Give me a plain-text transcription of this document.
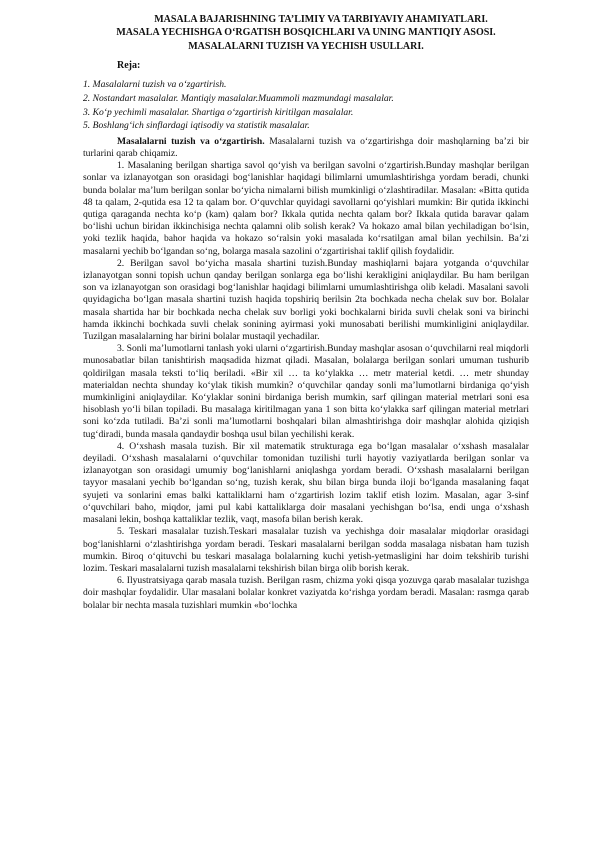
MASALA BAJARISHNING TA’LIMIY VA TARBIYAVIY AHAMIYATLARI.

MASALA YECHISHGA O‘RGATISH BOSQICHLARI VA UNING MANTIQIY ASOSI.

MASALALARNI TUZISH VA YECHISH USULLARI.

Reja:
1. Masalalarni tuzish va o‘zgartirish.
2. Nostandart masalalar. Mantiqiy masalalar.Muammoli mazmundagi masalalar.
3. Ko‘p yechimli masalalar. Shartiga o‘zgartirish kiritilgan masalalar.
5. Boshlang‘ich sinflardagi iqtisodiy va statistik masalalar.

Masalalarni tuzish va o‘zgartirish. Masalalarni tuzish va o‘zgartirishga doir mashqlarning ba’zi bir turlarini qarab chiqamiz.

1. Masalaning berilgan shartiga savol qo‘yish va berilgan savolni o‘zgartirish.Bunday mashqlar berilgan sonlar va izlanayotgan son orasidagi bog‘lanishlar haqidagi bilimlarni umumlashtirishga yordam beradi, chunki bunda bolalar ma’lum berilgan sonlar bo‘yicha nimalarni bilish mumkinligi o‘zlashtiradilar. Masalan: «Bitta qutida 48 ta qalam, 2-qutida esa 12 ta qalam bor. O‘quvchlar quyidagi savollarni qo‘yishlari mumkin: Bir qutida ikkinchi qutiga qaraganda nechta ko‘p (kam) qalam bor? Ikkala qutida nechta qalam bor? Ikkala qutida baravar qalam bo‘lishi uchun biridan ikkinchisiga nechta qalamni olib solish kerak? Va hokazo amal bilan yechiladigan bo‘lsin, yoki tezlik haqida, bahor haqida va hokazo so‘ralsin yoki masalada ko‘rsatilgan amal bilan yechilsin. Ba’zi masalarni yechib bo‘lgandan so‘ng, bolarga masala sazolini o‘zgartirishai taklif qilish foydalidir.

2. Berilgan savol bo‘yicha masala shartini tuzish.Bunday mashiqlarni bajara yotganda o‘quvchilar izlanayotgan sonni topish uchun qanday berilgan sonlarga ega bo‘lishi kerakligini aniqlaydilar. Bu ham berilgan son va izlanayotgan son orasidagi bog‘lanishlar haqidagi bilimlarni umumlashtirishga olib keladi. Masalani savoli quyidagicha bo‘lgan masala shartini tuzish haqida topshiriq berilsin 2ta bochkada necha chelak suv bor. Bolalar masala shartida har bir bochkada necha chelak suv borligi yoki bochkalarni birida suvli chelak soni va birinchi hamda ikkinchi bochkada suvli chelak sonining ayirmasi yoki munosabati berilishi mumkinligini aniqlaydilar. Tuzilgan masalalarning har birini bolalar mustaqil yechadilar.

3. Sonli ma’lumotlarni tanlash yoki ularni o‘zgartirish.Bunday mashqlar asosan o‘quvchilarni real miqdorli munosabatlar bilan tanishtirish maqsadida hizmat qiladi. Masalan, bolalarga berilgan sonlari umuman tushurib qoldirilgan masala teksti to‘liq beriladi. «Bir xil … ta ko‘ylakka … metr material ketdi. … metr shunday materialdan nechta shunday ko‘ylak tikish mumkin? o‘quvchilar qanday sonli ma’lumotlarni birdaniga qo‘yish mumkinligini aniqlaydilar. Ko‘ylaklar sonini birdaniga berish mumkin, sarf qilingan material metrlari soni esa hisoblash yo‘li bilan topiladi. Bu masalaga kiritilmagan yana 1 son bitta ko‘ylakka sarf qilingan material metrlari soni ko‘zda tutiladi. Ba’zi sonli ma’lumotlarni boshqalari bilan almashtirishga doir mashqlar alohida qiziqish tug‘diradi, bunda masala qandaydir boshqa usul bilan yechilishi kerak.

4. O‘xshash masala tuzish. Bir xil matematik strukturaga ega bo‘lgan masalalar o‘xshash masalalar deyiladi. O‘xshash masalalarni o‘quvchilar tomonidan tuzilishi turli hayotiy vaziyatlarda berilgan sonlar va izlanayotgan son orasidagi umumiy bog‘lanishlarni aniqlashga yordam beradi. O‘xshash masalalarni berilgan tayyor masalani yechib bo‘lgandan so‘ng, tuzish kerak, shu bilan birga bunda iloji bo‘lganda masalaning faqat syujeti va sonlarini emas balki kattaliklarni ham o‘zgartirish lozim taklif etish lozim. Masalan, agar 3-sinf o‘quvchilari baho, miqdor, jami pul kabi kattaliklarga doir masalani yechishgan bo‘lsa, endi unga o‘xshash masalani lekin, boshqa kattaliklar tezlik, vaqt, masofa bilan berish kerak.

5. Teskari masalalar tuzish.Teskari masalalar tuzish va yechishga doir masalalar miqdorlar orasidagi bog‘lanishlarni o‘zlashtirishga yordam beradi. Teskari masalalarni berilgan sodda masalaga nisbatan ham tuzish mumkin. Biroq o‘qituvchi bu teskari masalaga bolalarning kuchi yetish-yetmasligini har doim tekshirib turishi lozim. Teskari masalalarni tuzish masalalarni tekshirish bilan birga olib borish kerak.

6. Ilyustratsiyaga qarab masala tuzish. Berilgan rasm, chizma yoki qisqa yozuvga qarab masalalar tuzishga doir mashqlar foydalidir. Ular masalani bolalar konkret vaziyatda ko‘rishga yordam beradi. Masalan: rasmga qarab bolalar bir nechta masala tuzishlari mumkin «bo‘lochka
